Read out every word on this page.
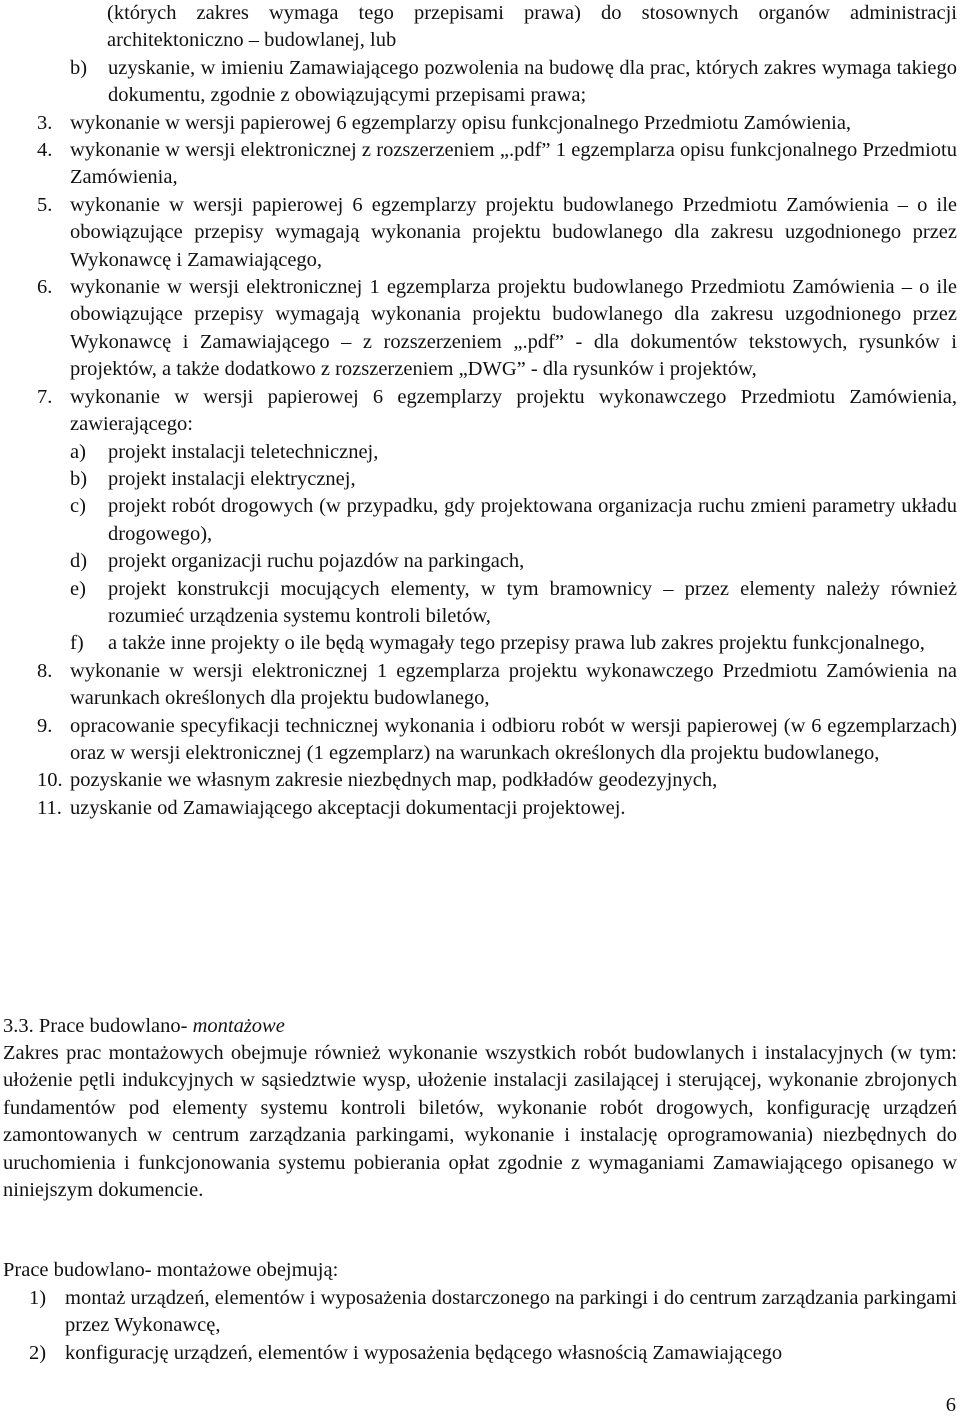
(których zakres wymaga tego przepisami prawa) do stosownych organów administracji architektoniczno – budowlanej, lub
b)	uzyskanie, w imieniu Zamawiającego pozwolenia na budowę dla prac, których zakres wymaga takiego dokumentu, zgodnie z obowiązującymi przepisami prawa;
3. wykonanie w wersji papierowej 6 egzemplarzy opisu funkcjonalnego Przedmiotu Zamówienia,
4. wykonanie w wersji elektronicznej z rozszerzeniem „.pdf” 1 egzemplarza opisu funkcjonalnego Przedmiotu Zamówienia,
5. wykonanie w wersji papierowej 6 egzemplarzy projektu budowlanego Przedmiotu Zamówienia – o ile obowiązujące przepisy wymagają wykonania projektu budowlanego dla zakresu uzgodnionego przez Wykonawcę i Zamawiającego,
6. wykonanie w wersji elektronicznej 1 egzemplarza projektu budowlanego Przedmiotu Zamówienia – o ile obowiązujące przepisy wymagają wykonania projektu budowlanego dla zakresu uzgodnionego przez Wykonawcę i Zamawiającego – z rozszerzeniem „.pdf” - dla dokumentów tekstowych, rysunków i projektów, a także dodatkowo z rozszerzeniem „DWG” - dla rysunków i projektów,
7. wykonanie w wersji papierowej 6 egzemplarzy projektu wykonawczego Przedmiotu Zamówienia, zawierającego:
a)	projekt instalacji teletechnicznej,
b)	projekt instalacji elektrycznej,
c)	projekt robót drogowych (w przypadku, gdy projektowana organizacja ruchu zmieni parametry układu drogowego),
d)	projekt organizacji ruchu pojazdów na parkingach,
e)	projekt konstrukcji mocujących elementy, w tym bramownicy – przez elementy należy również rozumieć urządzenia systemu kontroli biletów,
f)	a także inne projekty o ile będą wymagały tego przepisy prawa lub zakres projektu funkcjonalnego,
8. wykonanie w wersji elektronicznej 1 egzemplarza projektu wykonawczego Przedmiotu Zamówienia na warunkach określonych dla projektu budowlanego,
9. opracowanie specyfikacji technicznej wykonania i odbioru robót w wersji papierowej (w 6 egzemplarzach) oraz w wersji elektronicznej (1 egzemplarz) na warunkach określonych dla projektu budowlanego,
10. pozyskanie we własnym zakresie niezbędnych map, podkładów geodezyjnych,
11. uzyskanie od Zamawiającego akceptacji dokumentacji projektowej.
3.3. Prace budowlano- montażowe
Zakres prac montażowych obejmuje również wykonanie wszystkich robót budowlanych i instalacyjnych (w tym: ułożenie pętli indukcyjnych w sąsiedztwie wysp, ułożenie instalacji zasilającej i sterującej, wykonanie zbrojonych fundamentów pod elementy systemu kontroli biletów, wykonanie robót drogowych, konfigurację urządzeń zamontowanych w centrum zarządzania parkingami, wykonanie i instalację oprogramowania) niezbędnych do uruchomienia i funkcjonowania systemu pobierania opłat zgodnie z wymaganiami Zamawiającego opisanego w niniejszym dokumencie.
Prace budowlano- montażowe obejmują:
1) montaż urządzeń, elementów i wyposażenia dostarczonego na parkingi i do centrum zarządzania parkingami przez Wykonawcę,
2) konfigurację urządzeń, elementów i wyposażenia będącego własnością Zamawiającego
6
